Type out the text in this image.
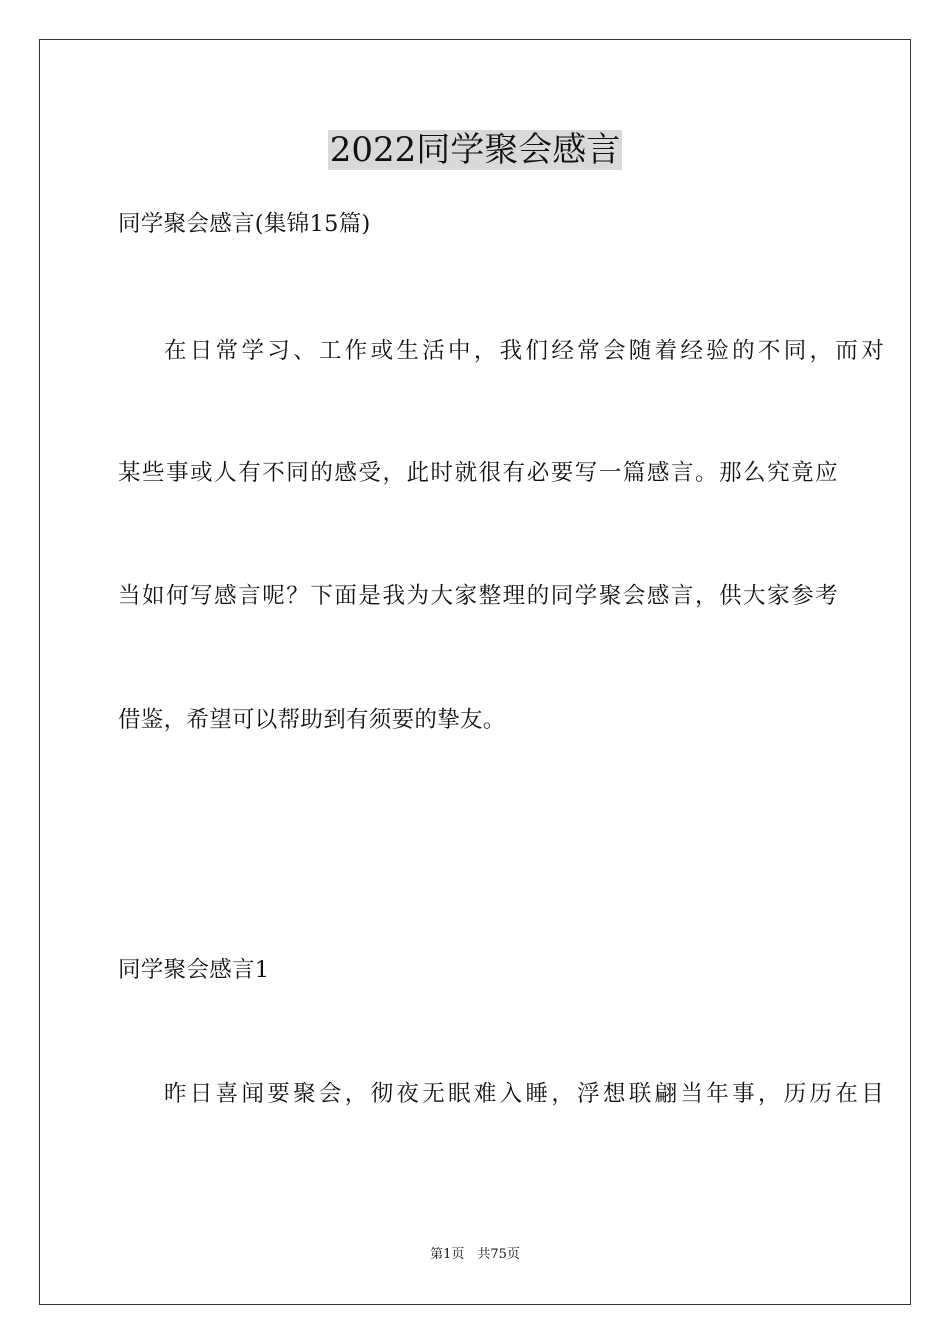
2022同学聚会感言
同学聚会感言(集锦15篇)
在日常学习、工作或生活中，我们经常会随着经验的不同，而对
某些事或人有不同的感受，此时就很有必要写一篇感言。那么究竟应
当如何写感言呢？下面是我为大家整理的同学聚会感言，供大家参考
借鉴，希望可以帮助到有须要的挚友。
同学聚会感言1
昨日喜闻要聚会，彻夜无眠难入睡，浮想联翩当年事，历历在目
第1页　共75页
